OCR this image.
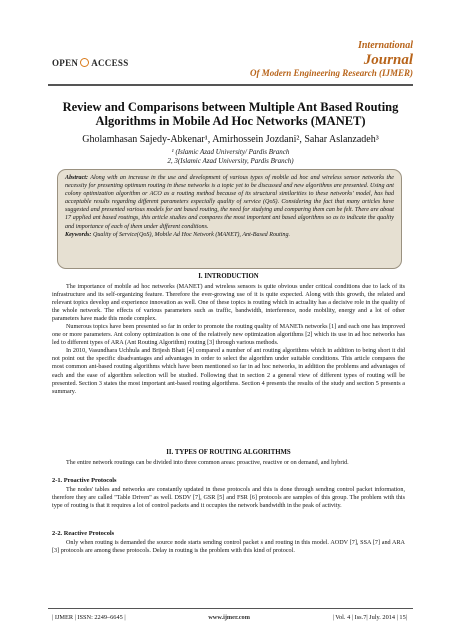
OPEN ACCESS
International
Journal
Of Modern Engineering Research (IJMER)
Review and Comparisons between Multiple Ant Based Routing Algorithms in Mobile Ad Hoc Networks (MANET)
Gholamhasan Sajedy-Abkenar¹, Amirhossein Jozdani², Sahar Aslanzadeh³
¹ (Islamic Azad University/ Pardis Branch
2, 3(Islamic Azad University, Pardis Branch)
Abstract: Along with an increase in the use and development of various types of mobile ad hoc and wireless sensor networks the necessity for presenting optimum routing in these networks is a topic yet to be discussed and new algorithms are presented. Using ant colony optimization algorithm or ACO as a routing method because of its structural similarities to these networks' model, has had acceptable results regarding different parameters especially quality of service (QoS). Considering the fact that many articles have suggested and presented various models for ant based routing, the need for studying and comparing them can be felt. There are about 17 applied ant based routings, this article studies and compares the most important ant based algorithms so as to indicate the quality and importance of each of them under different conditions.
Keywords: Quality of Service(QoS), Mobile Ad Hoc Network (MANET), Ant-Based Routing.
I. INTRODUCTION

The importance of mobile ad hoc networks (MANET) and wireless sensors is quite obvious under critical conditions due to lack of its infrastructure and its self-organizing feature. Therefore the ever-growing use of it is quite expected. Along with this growth, the related and relevant topics develop and experience innovation as well. One of these topics is routing which in actuality has a decisive role in the quality of the whole network. The effects of various parameters such as traffic, bandwidth, interference, node mobility, energy and a lot of other parameters have made this mode complex.

Numerous topics have been presented so far in order to promote the routing quality of MANETs networks [1] and each one has improved one or more parameters. Ant colony optimization is one of the relatively new optimization algorithms [2] which its use in ad hoc networks has led to different types of ARA (Ant Routing Algorithm) routing [3] through various methods.

In 2010, Vasundhara Uchhula and Brijesh Bhatt [4] compared a number of ant routing algorithms which in addition to being short it did not point out the specific disadvantages and advantages in order to select the algorithm under suitable conditions. This article compares the most common ant-based routing algorithms which have been mentioned so far in ad hoc networks, in addition the problems and advantages of each and the ease of algorithm selection will be studied. Following that in section 2 a general view of different types of routing will be presented. Section 3 states the most important ant-based routing algorithms. Section 4 presents the results of the study and section 5 presents a summary.

II. TYPES OF ROUTING ALGORITHMS

The entire network routings can be divided into three common areas: proactive, reactive or on demand, and hybrid.

2-1. Proactive Protocols

The nodes' tables and networks are constantly updated in these protocols and this is done through sending control packet information, therefore they are called "Table Driven" as well. DSDV [7], GSR [5] and FSR [6] protocols are samples of this group. The problem with this type of routing is that it requires a lot of control packets and it occupies the network bandwidth in the peak of activity.

2-2. Reactive Protocols

Only when routing is demanded the source node starts sending control packet s and routing in this model. AODV [7], SSA [7] and ARA [3] protocols are among these protocols. Delay in routing is the problem with this kind of protocol.

| IJMER | ISSN: 2249–6645 |	www.ijmer.com	| Vol. 4 | Iss.7| July. 2014 | 15|
